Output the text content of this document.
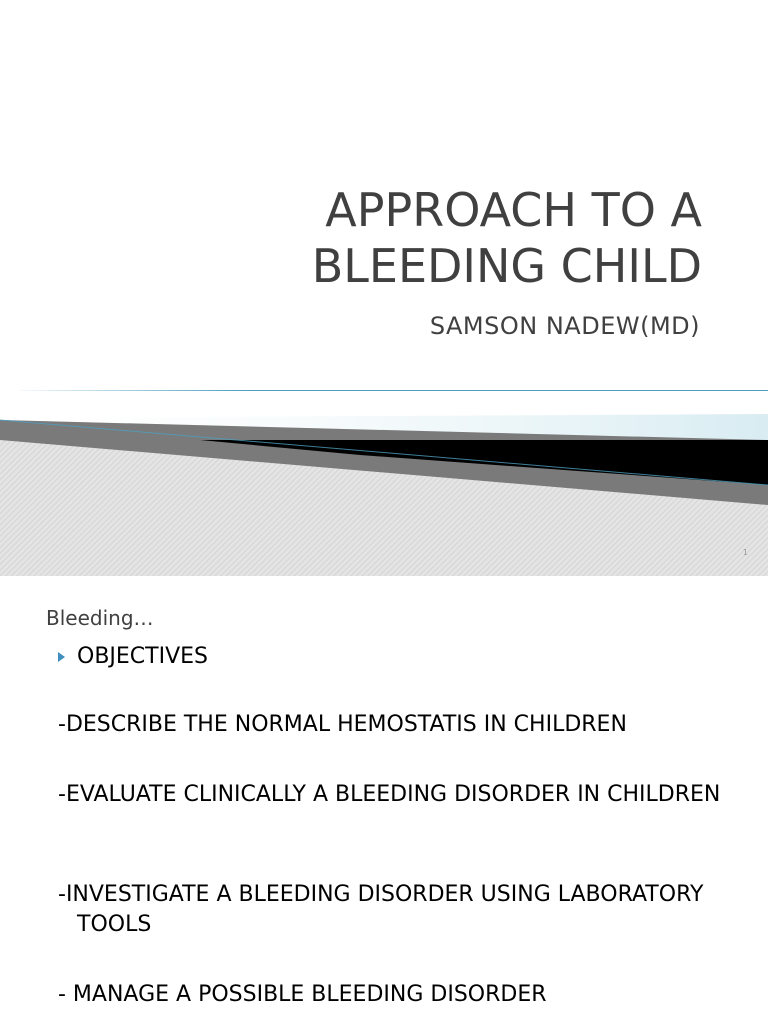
APPROACH TO A
BLEEDING CHILD
SAMSON NADEW(MD)
1
Bleeding…
OBJECTIVES
-DESCRIBE THE NORMAL HEMOSTATIS IN CHILDREN
-EVALUATE CLINICALLY A BLEEDING DISORDER IN CHILDREN
-INVESTIGATE A BLEEDING DISORDER USING LABORATORY TOOLS
- MANAGE A POSSIBLE BLEEDING DISORDER
